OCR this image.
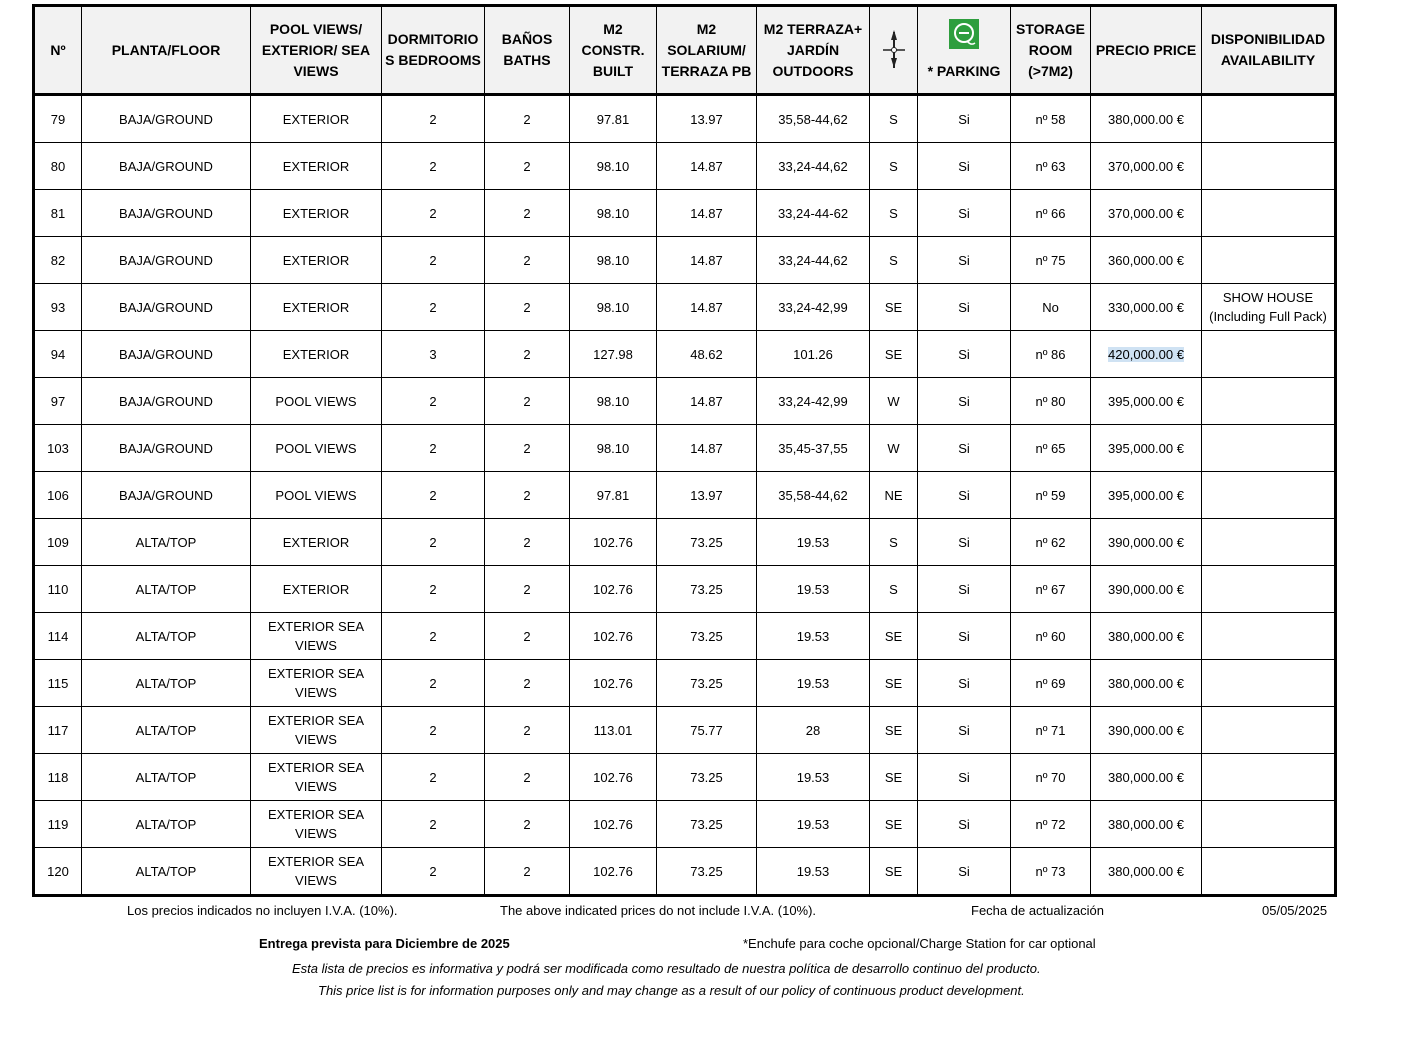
Nº	PLANTA/FLOOR	POOL VIEWS/ EXTERIOR/ SEA VIEWS	DORMITORIO S BEDROOMS	BAÑOS BATHS	M2 CONSTR. BUILT	M2 SOLARIUM/ TERRAZA PB	M2 TERRAZA+ JARDÍN OUTDOORS		* PARKING	STORAGE ROOM (>7M2)	PRECIO PRICE	DISPONIBILIDAD AVAILABILITY
79	BAJA/GROUND	EXTERIOR	2	2	97.81	13.97	35,58-44,62	S	Si	nº 58	380,000.00 €	
80	BAJA/GROUND	EXTERIOR	2	2	98.10	14.87	33,24-44,62	S	Si	nº 63	370,000.00 €	
81	BAJA/GROUND	EXTERIOR	2	2	98.10	14.87	33,24-44-62	S	Si	nº 66	370,000.00 €	
82	BAJA/GROUND	EXTERIOR	2	2	98.10	14.87	33,24-44,62	S	Si	nº 75	360,000.00 €	
93	BAJA/GROUND	EXTERIOR	2	2	98.10	14.87	33,24-42,99	SE	Si	No	330,000.00 €	SHOW HOUSE (Including Full Pack)
94	BAJA/GROUND	EXTERIOR	3	2	127.98	48.62	101.26	SE	Si	nº 86	420,000.00 €	
97	BAJA/GROUND	POOL VIEWS	2	2	98.10	14.87	33,24-42,99	W	Si	nº 80	395,000.00 €	
103	BAJA/GROUND	POOL VIEWS	2	2	98.10	14.87	35,45-37,55	W	Si	nº 65	395,000.00 €	
106	BAJA/GROUND	POOL VIEWS	2	2	97.81	13.97	35,58-44,62	NE	Si	nº 59	395,000.00 €	
109	ALTA/TOP	EXTERIOR	2	2	102.76	73.25	19.53	S	Si	nº 62	390,000.00 €	
110	ALTA/TOP	EXTERIOR	2	2	102.76	73.25	19.53	S	Si	nº 67	390,000.00 €	
114	ALTA/TOP	EXTERIOR SEA VIEWS	2	2	102.76	73.25	19.53	SE	Si	nº 60	380,000.00 €	
115	ALTA/TOP	EXTERIOR SEA VIEWS	2	2	102.76	73.25	19.53	SE	Si	nº 69	380,000.00 €	
117	ALTA/TOP	EXTERIOR SEA VIEWS	2	2	113.01	75.77	28	SE	Si	nº 71	390,000.00 €	
118	ALTA/TOP	EXTERIOR SEA VIEWS	2	2	102.76	73.25	19.53	SE	Si	nº 70	380,000.00 €	
119	ALTA/TOP	EXTERIOR SEA VIEWS	2	2	102.76	73.25	19.53	SE	Si	nº 72	380,000.00 €	
120	ALTA/TOP	EXTERIOR SEA VIEWS	2	2	102.76	73.25	19.53	SE	Si	nº 73	380,000.00 €	
Los precios indicados no incluyen I.V.A. (10%).	The above indicated prices do not include I.V.A. (10%).	Fecha de actualización	05/05/2025
Entrega prevista para Diciembre de 2025	*Enchufe para coche opcional/Charge Station for car optional
Esta lista de precios es informativa y podrá ser modificada como resultado de nuestra política de desarrollo continuo del producto.
This price list is for information purposes only and may change as a result of our policy of continuous product development.
